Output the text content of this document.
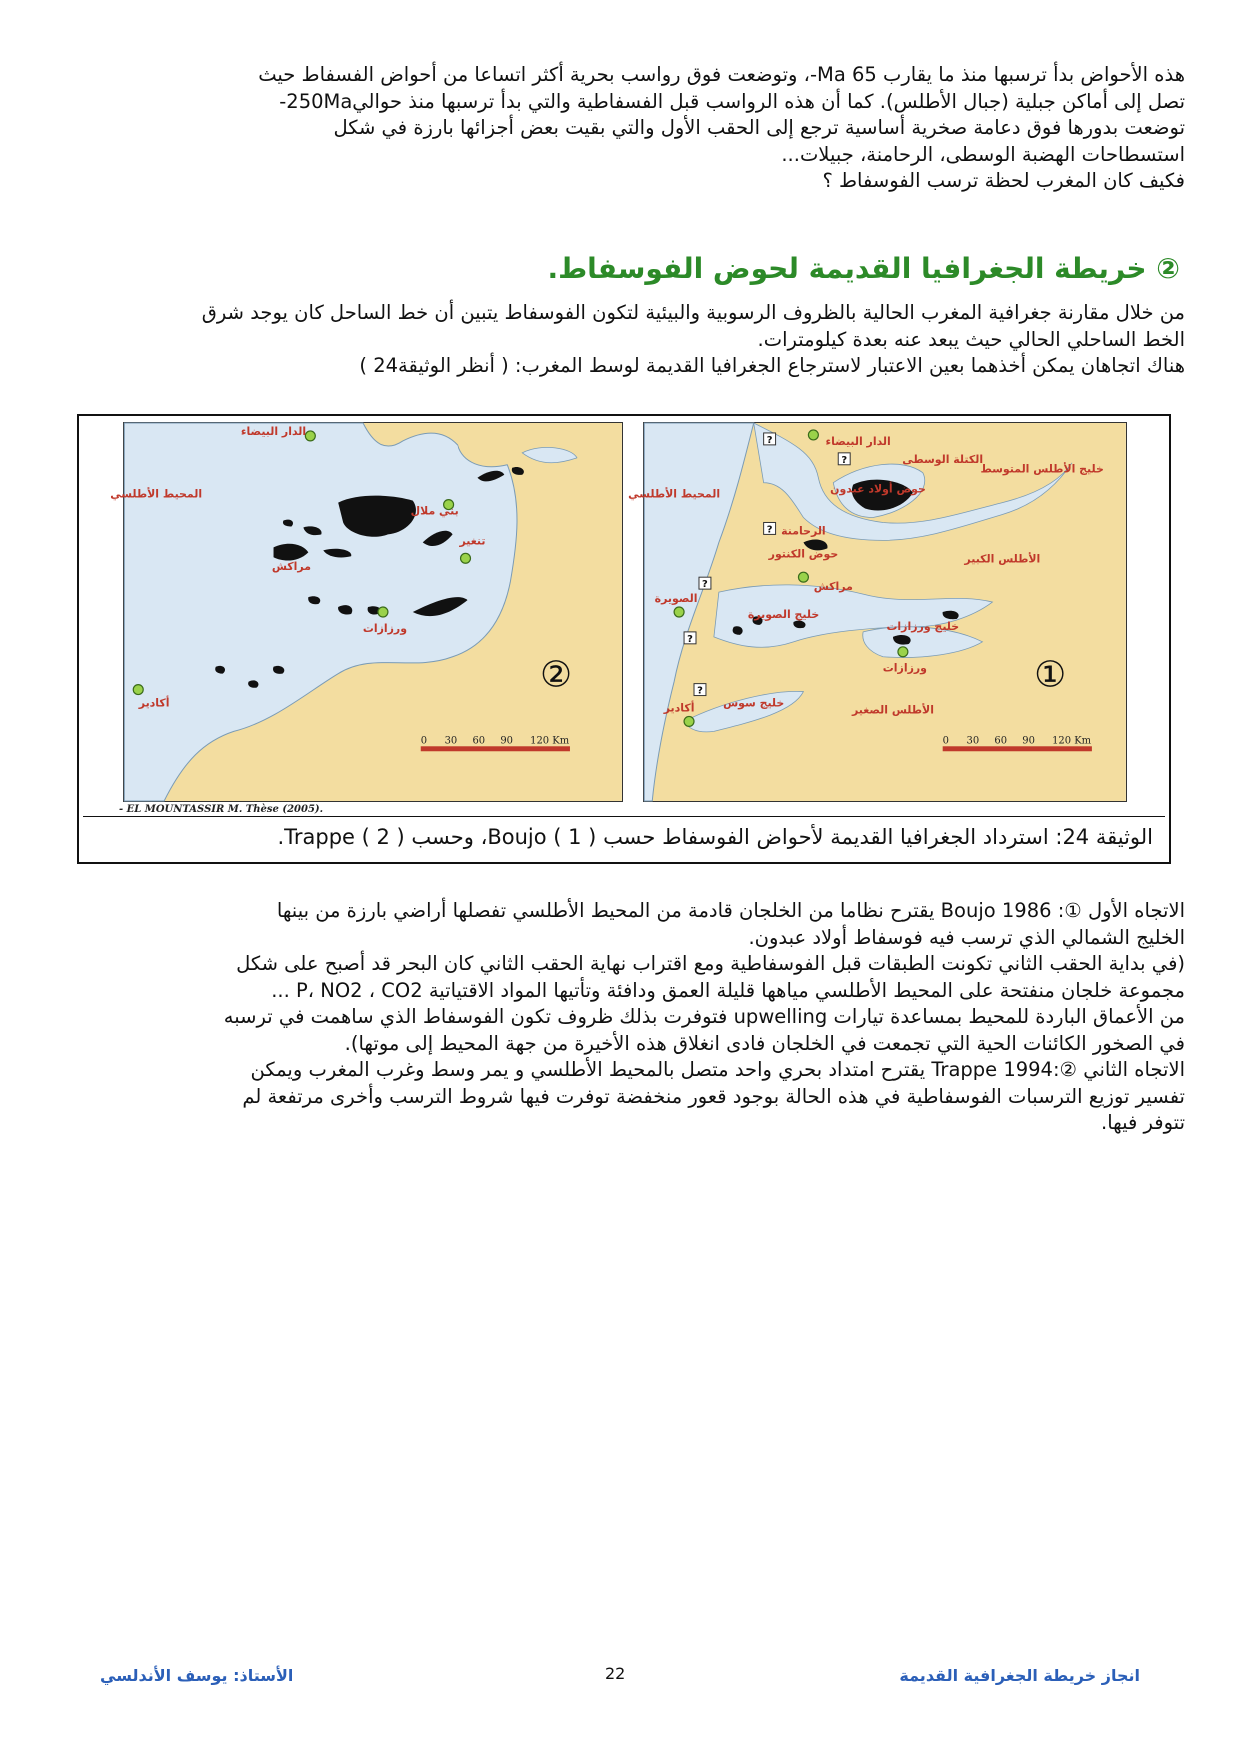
هذه الأحواض بدأ ترسبها منذ ما يقارب 65 Ma-، وتوضعت فوق رواسب بحرية أكثر اتساعا من أحواض الفسفاط حيث

تصل إلى أماكن جبلية (جبال الأطلس). كما أن هذه الرواسب قبل الفسفاطية والتي بدأ ترسبها منذ حوالي250Ma-

توضعت بدورها فوق دعامة صخرية أساسية ترجع إلى الحقب الأول والتي بقيت بعض أجزائها بارزة في شكل

استسطاحات الهضبة الوسطى، الرحامنة، جبيلات...

فكيف كان المغرب لحظة ترسب الفوسفاط ؟

② خريطة الجغرافيا القديمة لحوض الفوسفاط.

من خلال مقارنة جغرافية المغرب الحالية بالظروف الرسوبية والبيئية لتكون الفوسفاط يتبين أن خط الساحل كان يوجد شرق

الخط الساحلي الحالي حيث يبعد عنه بعدة كيلومترات.

هناك اتجاهان يمكن أخذهما بعين الاعتبار لاسترجاع الجغرافيا القديمة لوسط المغرب: ( أنظر الوثيقة24 )

الدار البيضاء
بني ملال
المحيط الأطلسي
مراكش
تنغير
ورزازات
أكادير
②
0 30 60 90 120 Km
?
?
?
?
?
?
الدار البيضاء
الكتلة الوسطى
حوض أولاد عبدون
خليج الأطلس المتوسط
المحيط الأطلسي
الرحامنة
حوض الكنتور	الأطلس الكبير
مراكش
الصويرة
خليج الصويرة
خليج ورزازات
ورزازات
خليج سوس
أكادير	الأطلس الصغير
①
0 30 60 90 120 Km
- EL MOUNTASSIR M. Thèse (2005).
الوثيقة 24: استرداد الجغرافيا القديمة لأحواض الفوسفاط حسب Boujo ( 1 )، وحسب Trappe ( 2 ).

الاتجاه الأول ①: Boujo 1986 يقترح نظاما من الخلجان قادمة من المحيط الأطلسي تفصلها أراضي بارزة من بينها

الخليج الشمالي الذي ترسب فيه فوسفاط أولاد عبدون.

(في بداية الحقب الثاني تكونت الطبقات قبل الفوسفاطية ومع اقتراب نهاية الحقب الثاني كان البحر قد أصبح على شكل

مجموعة خلجان منفتحة على المحيط الأطلسي مياهها قليلة العمق ودافئة وتأتيها المواد الاقتياتية P، NO2 ، CO2 ...

من الأعماق الباردة للمحيط بمساعدة تيارات upwelling فتوفرت بذلك ظروف تكون الفوسفاط الذي ساهمت في ترسبه

في الصخور الكائنات الحية التي تجمعت في الخلجان فادى انغلاق هذه الأخيرة من جهة المحيط إلى موتها).

الاتجاه الثاني ②:Trappe 1994 يقترح امتداد بحري واحد متصل بالمحيط الأطلسي و يمر وسط وغرب المغرب ويمكن

تفسير توزيع الترسبات الفوسفاطية في هذه الحالة بوجود قعور منخفضة توفرت فيها شروط الترسب وأخرى مرتفعة لم

تتوفر فيها.

انجاز خريطة الجغرافية القديمة
22
الأستاذ: يوسف الأندلسي
